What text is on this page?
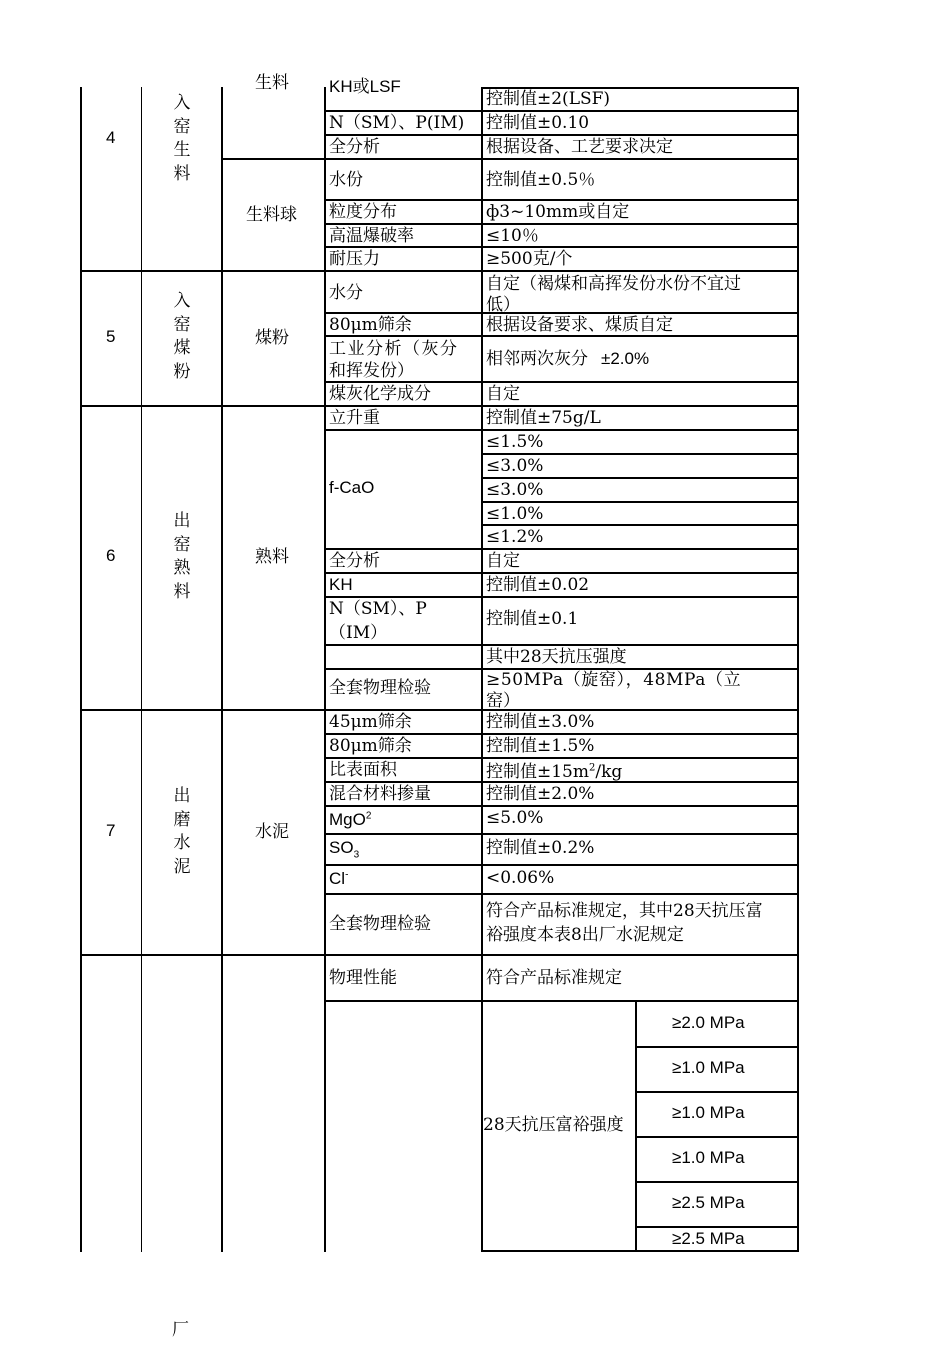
4
入窑生料
生料
生料球
KH或LSF
N（SM）、P(IM)
全分析
水份
粒度分布
高温爆破率
耐压力
控制值±2(LSF)
控制值±0.10
根据设备、工艺要求决定
控制值±0.5％
ф3~10mm或自定
≤10％
≥500克/个
5
入窑煤粉
煤粉
水分
80μm筛余
工业分析（灰分
和挥发份）
煤灰化学成分
自定（褐煤和高挥发份水份不宜过
低）
根据设备要求、煤质自定
相邻两次灰分 ±2.0%
自定
6
出窑熟料
熟料
立升重
f-CaO
全分析
KH
N（SM）、P
（IM）
全套物理检验
控制值±75g/L
≤1.5%
≤3.0%
≤3.0%
≤1.0%
≤1.2%
自定
控制值±0.02
控制值±0.1
其中28天抗压强度
≥50MPa（旋窑），48MPa（立
窑）
7
出磨水泥
水泥
45μm筛余
80μm筛余
比表面积
混合材料掺量
MgO$^2$
$SO_3$
Cl-
全套物理检验
控制值±3.0%
控制值±1.5%
控制值$\pm 15m^2/kg$
控制值±2.0%
≤5.0%
控制值±0.2%
<0.06%
符合产品标准规定，其中28天抗压富
裕强度本表8出厂水泥规定
物理性能	符合产品标准规定
28天抗压富裕强度
≥2.0 MPa
≥1.0 MPa
≥1.0 MPa
≥1.0 MPa
≥2.5 MPa
≥2.5 MPa
厂
